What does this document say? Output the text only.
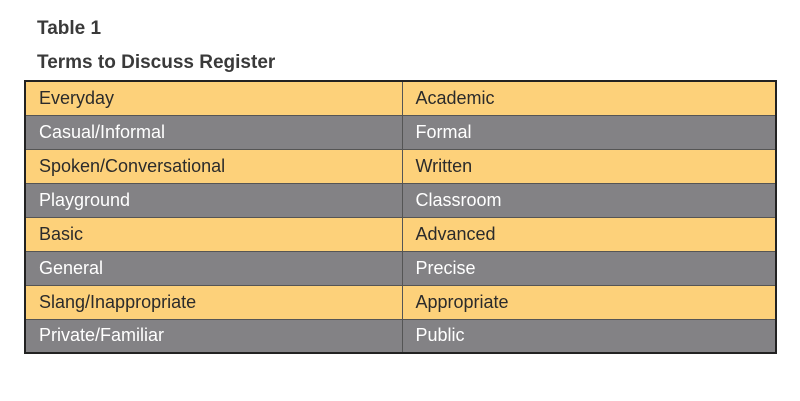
Table 1
Terms to Discuss Register
Everyday	Academic
Casual/Informal	Formal
Spoken/Conversational	Written
Playground	Classroom
Basic	Advanced
General	Precise
Slang/Inappropriate	Appropriate
Private/Familiar	Public
